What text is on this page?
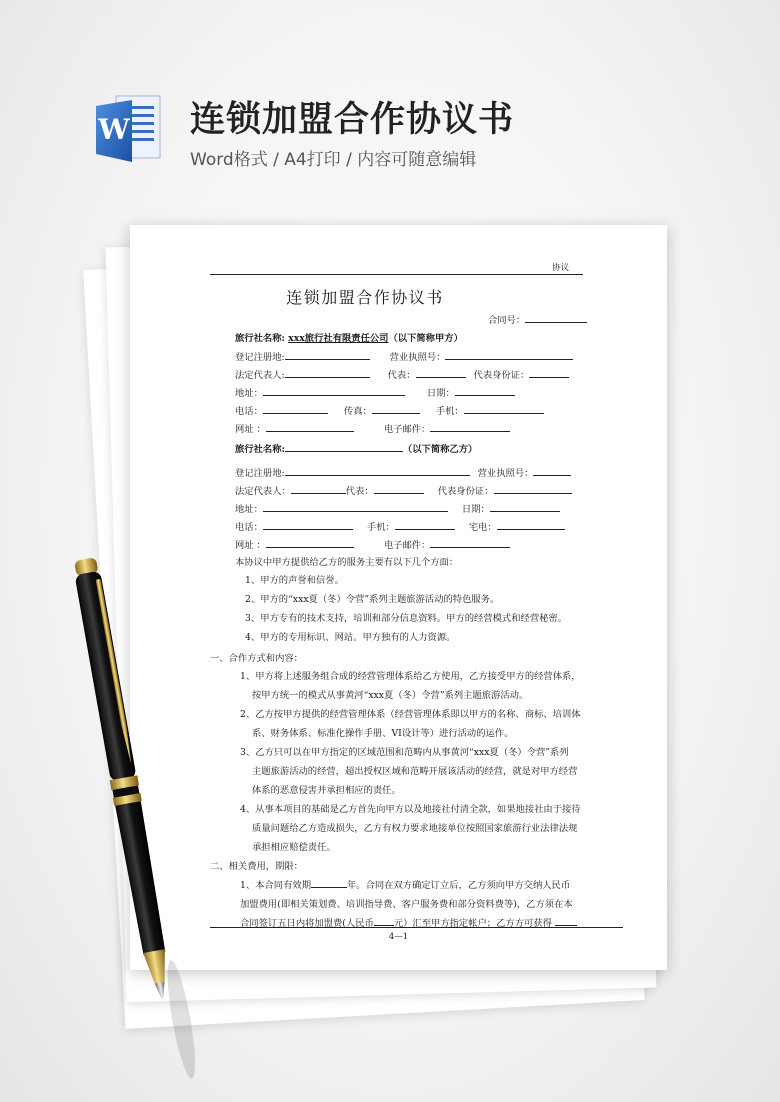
W 连锁加盟合作协议书
Word格式 / A4打印 / 内容可随意编辑
协议
连锁加盟合作协议书
合同号：
旅行社名称: xxx旅行社有限责任公司（以下简称甲方）
登记注册地:	营业执照号：
法定代表人:	代表：	代表身份证：
地址：	日期：
电话：	传真：	手机：
网址 ：	电子邮件：
旅行社名称:	（以下简称乙方）
登记注册地:	营业执照号：
法定代表人：	代表：	代表身份证：
地址：	日期：
电话：	手机：	宅电：
网址 ：	电子邮件：
本协议中甲方提供给乙方的服务主要有以下几个方面：
1、甲方的声誉和信誉。
2、甲方的“xxx夏（冬）令营”系列主题旅游活动的特色服务。
3、甲方专有的技术支持，培训和部分信息资料。甲方的经营模式和经营秘密。
4、甲方的专用标识、网站。甲方独有的人力资源。
一、合作方式和内容：
1、甲方将上述服务组合成的经营管理体系给乙方使用，乙方接受甲方的经营体系，
按甲方统一的模式从事黄河“xxx夏（冬）令营”系列主题旅游活动。
2、乙方按甲方提供的经营管理体系（经营管理体系即以甲方的名称、商标、培训体
系、财务体系、标准化操作手册、VI设计等）进行活动的运作。
3、乙方只可以在甲方指定的区域范围和范畴内从事黄河“xxx夏（冬）令营”系列
主题旅游活动的经营，超出授权区域和范畴开展该活动的经营，就是对甲方经营
体系的恶意侵害并承担相应的责任。
4、从事本项目的基础是乙方首先向甲方以及地接社付清全款，如果地接社由于接待
质量问题给乙方造成损失，乙方有权力要求地接单位按照国家旅游行业法律法规
承担相应赔偿责任。
二、相关费用，期限：
1、本合同有效期	年。合同在双方确定订立后，乙方须向甲方交纳人民币
加盟费用(即相关策划费、培训指导费、客户服务费和部分资料费等)，乙方须在本
合同签订五日内将加盟费(人民币 元）汇至甲方指定帐户；乙方方可获得
4—1
